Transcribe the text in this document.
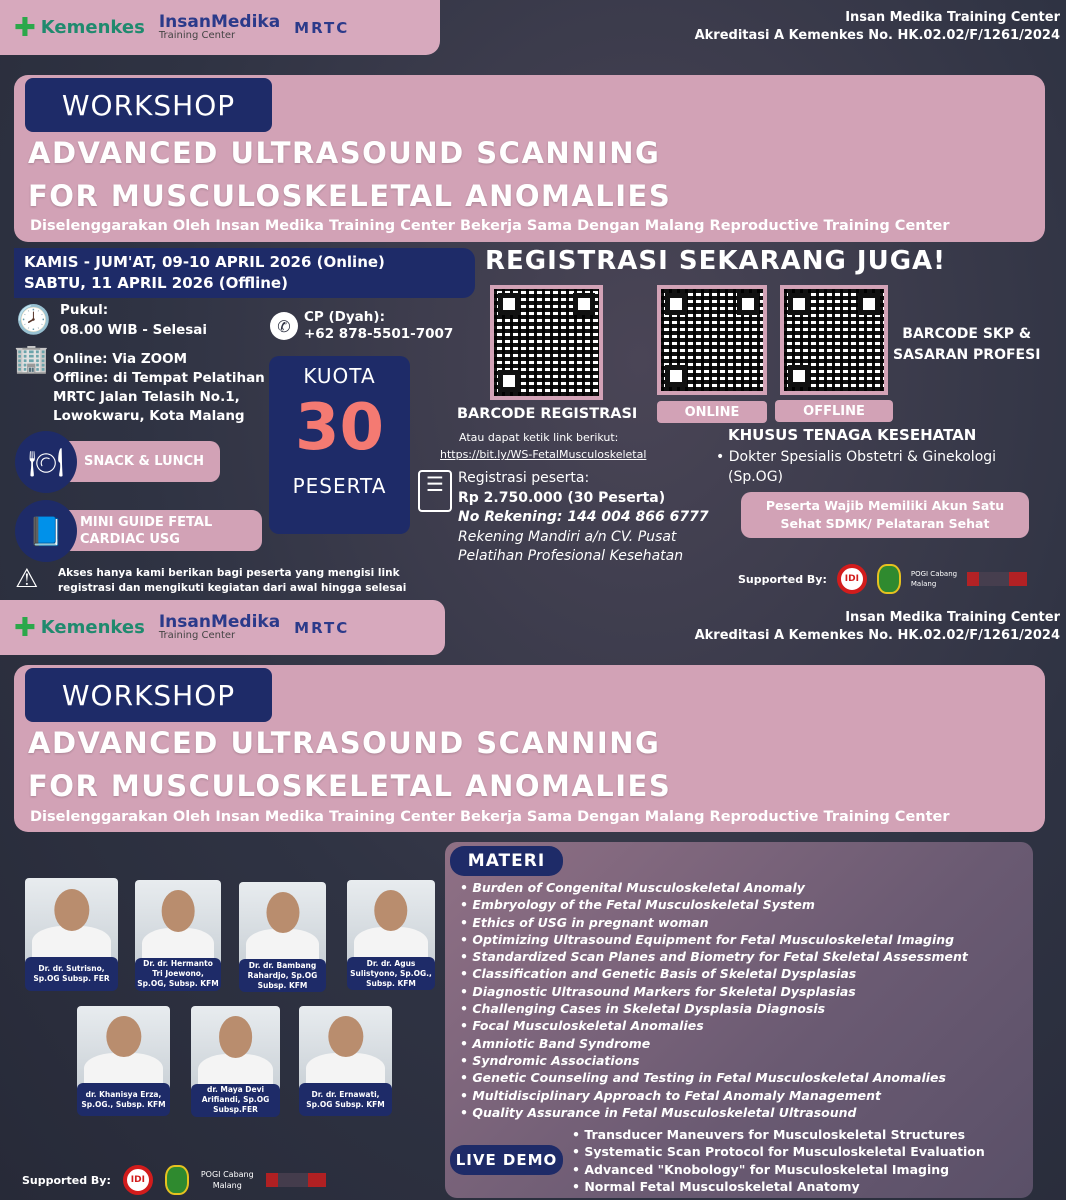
✚ Kemenkes InsanMedika
Training Center	MRTC
Insan Medika Training Center
Akreditasi A Kemenkes No. HK.02.02/F/1261/2024
WORKSHOP
ADVANCED ULTRASOUND SCANNING
FOR MUSCULOSKELETAL ANOMALIES
Diselenggarakan Oleh Insan Medika Training Center Bekerja Sama Dengan Malang Reproductive Training Center
KAMIS - JUM'AT, 09-10 APRIL 2026 (Online)
SABTU, 11 APRIL 2026 (Offline)
🕗 Pukul:
08.00 WIB - Selesai
🏢 Online: Via ZOOM
Offline: di Tempat Pelatihan
MRTC Jalan Telasih No.1,
Lowokwaru, Kota Malang
✆ CP (Dyah):
+62 878-5501-7007
KUOTA
30
PESERTA
SNACK & LUNCH
🍽
MINI GUIDE FETAL CARDIAC USG
📘
⚠ Akses hanya kami berikan bagi peserta yang mengisi link
registrasi dan mengikuti kegiatan dari awal hingga selesai
REGISTRASI SEKARANG JUGA!
ONLINE	OFFLINE
BARCODE SKP &
SASARAN PROFESI
BARCODE REGISTRASI
Atau dapat ketik link berikut:
https://bit.ly/WS-FetalMusculoskeletal
☰	Registrasi peserta:
Rp 2.750.000 (30 Peserta)
No Rekening: 144 004 866 6777
Rekening Mandiri a/n CV. Pusat
Pelatihan Profesional Kesehatan
KHUSUS TENAGA KESEHATAN
• Dokter Spesialis Obstetri & Ginekologi (Sp.OG)
Peserta Wajib Memiliki Akun Satu Sehat SDMK/ Pelataran Sehat
Supported By:	IDI	POGI Cabang
Malang
✚ Kemenkes InsanMedika
Training Center	MRTC
Insan Medika Training Center
Akreditasi A Kemenkes No. HK.02.02/F/1261/2024
WORKSHOP
ADVANCED ULTRASOUND SCANNING
FOR MUSCULOSKELETAL ANOMALIES
Diselenggarakan Oleh Insan Medika Training Center Bekerja Sama Dengan Malang Reproductive Training Center
Dr. dr. Sutrisno, Sp.OG Subsp. FER
Dr. dr. Hermanto Tri Joewono, Sp.OG, Subsp. KFM
Dr. dr. Bambang Rahardjo, Sp.OG Subsp. KFM
Dr. dr. Agus Sulistyono, Sp.OG., Subsp. KFM
dr. Khanisya Erza, Sp.OG., Subsp. KFM
dr. Maya Devi Arifiandi, Sp.OG Subsp.FER
Dr. dr. Ernawati, Sp.OG Subsp. KFM
Supported By:	IDI
POGI Cabang
Malang
MATERI
• Burden of Congenital Musculoskeletal Anomaly
• Embryology of the Fetal Musculoskeletal System
• Ethics of USG in pregnant woman
• Optimizing Ultrasound Equipment for Fetal Musculoskeletal Imaging
• Standardized Scan Planes and Biometry for Fetal Skeletal Assessment
• Classification and Genetic Basis of Skeletal Dysplasias
• Diagnostic Ultrasound Markers for Skeletal Dysplasias
• Challenging Cases in Skeletal Dysplasia Diagnosis
• Focal Musculoskeletal Anomalies
• Amniotic Band Syndrome
• Syndromic Associations
• Genetic Counseling and Testing in Fetal Musculoskeletal Anomalies
• Multidisciplinary Approach to Fetal Anomaly Management
• Quality Assurance in Fetal Musculoskeletal Ultrasound
LIVE DEMO
• Transducer Maneuvers for Musculoskeletal Structures
• Systematic Scan Protocol for Musculoskeletal Evaluation
• Advanced "Knobology" for Musculoskeletal Imaging
• Normal Fetal Musculoskeletal Anatomy
